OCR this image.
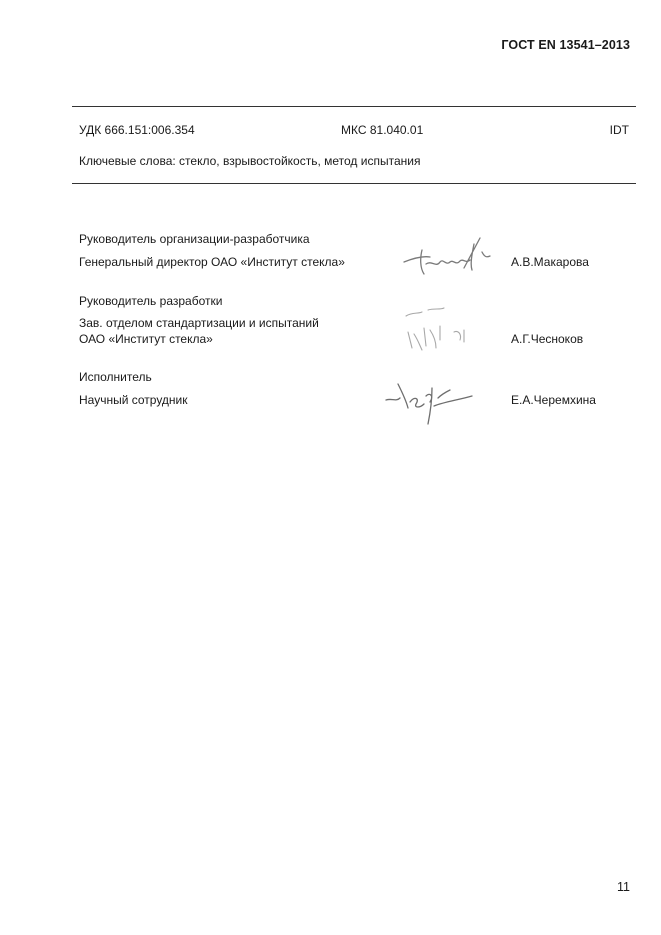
ГОСТ EN 13541–2013
УДК 666.151:006.354	МКС 81.040.01	IDT
Ключевые слова: стекло, взрывостойкость, метод испытания
Руководитель организации-разработчика
Генеральный директор ОАО «Институт стекла»	А.В.Макарова
Руководитель разработки
Зав. отделом стандартизации и испытаний
ОАО «Институт стекла»	А.Г.Чесноков
Исполнитель
Научный сотрудник	Е.А.Черемхина
11
